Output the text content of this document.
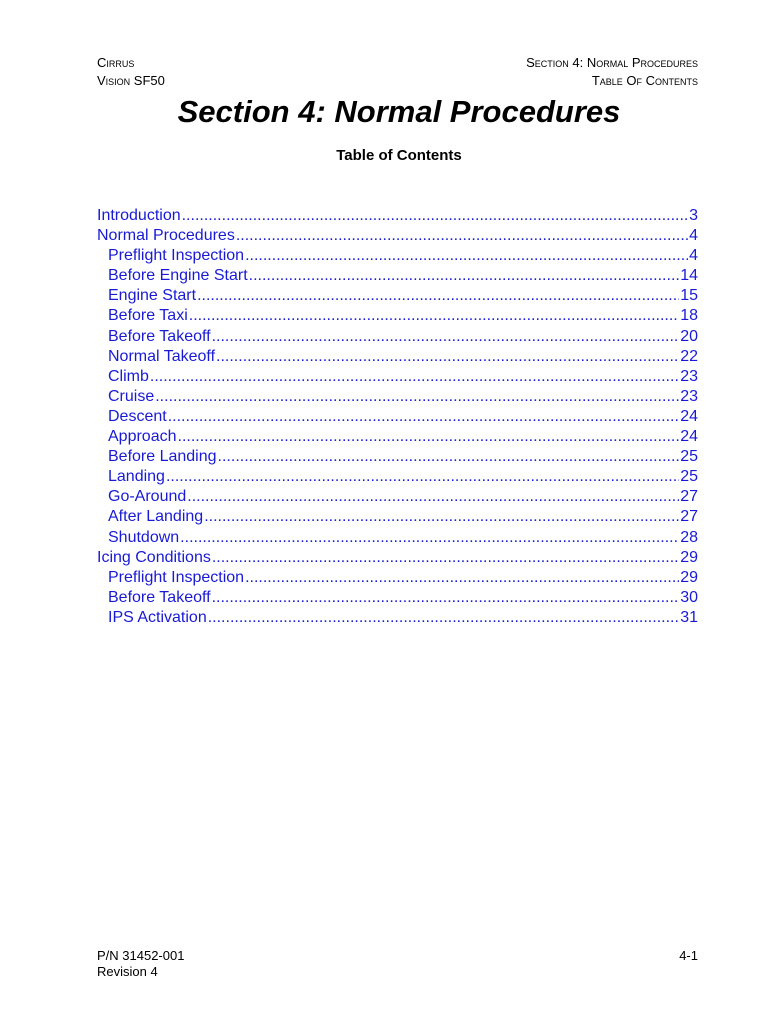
Cirrus
Vision SF50
Section 4: Normal Procedures
Table Of Contents
Section 4: Normal Procedures
Table of Contents
Introduction .....	3
Normal Procedures .....	4
Preflight Inspection .....	4
Before Engine Start .....	14
Engine Start .....	15
Before Taxi .....	18
Before Takeoff .....	20
Normal Takeoff .....	22
Climb .....	23
Cruise .....	23
Descent .....	24
Approach .....	24
Before Landing .....	25
Landing .....	25
Go-Around .....	27
After Landing .....	27
Shutdown .....	28
Icing Conditions .....	29
Preflight Inspection .....	29
Before Takeoff .....	30
IPS Activation .....	31
P/N 31452-001
Revision 4
4-1
